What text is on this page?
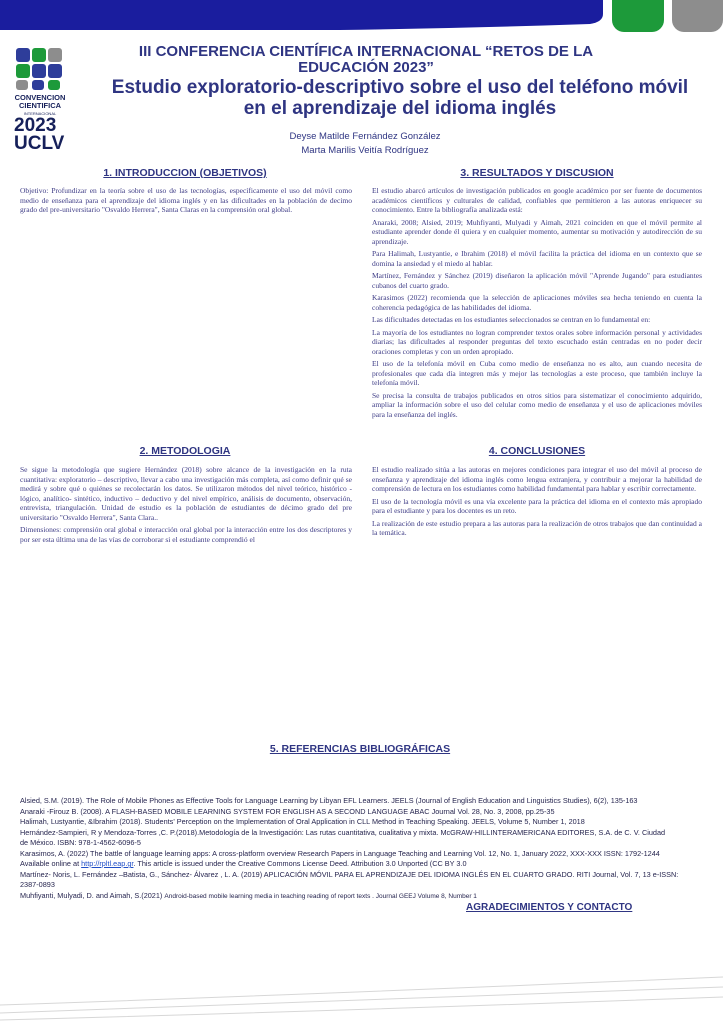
CONVENCION
CIENTIFICA
INTERNACIONAL
2023
UCLV
III CONFERENCIA CIENTÍFICA INTERNACIONAL “RETOS DE LA EDUCACIÓN 2023”
Estudio exploratorio-descriptivo sobre el uso del teléfono móvil en el aprendizaje del idioma inglés
Deyse Matilde Fernández González
Marta Marilis Veitía Rodríguez
1. INTRODUCCION (OBJETIVOS)

Objetivo: Profundizar en la teoría sobre el uso de las tecnologías, específicamente el uso del móvil como medio de enseñanza para el aprendizaje del idioma inglés y en las dificultades en la población de decimo grado del pre-universitario "Osvaldo Herrera", Santa Claras en la comprensión oral global.

3. RESULTADOS Y DISCUSION

El estudio abarcó artículos de investigación publicados en google académico por ser fuente de documentos académicos científicos y culturales de calidad, confiables que permitieron a las autoras enriquecer su conocimiento. Entre la bibliografía analizada está:

Anaraki, 2008; Alsied, 2019; Muhfiyanti, Mulyadi y Aimah, 2021 coinciden en que el móvil permite al estudiante aprender donde él quiera y en cualquier momento, aumentar su motivación y autodirección de su aprendizaje.

Para Halimah, Lustyantie, e Ibrahim (2018) el móvil facilita la práctica del idioma en un contexto que se domina la ansiedad y el miedo al hablar.

Martínez, Fernández y Sánchez (2019) diseñaron la aplicación móvil "Aprende Jugando" para estudiantes cubanos del cuarto grado.

Karasimos (2022) recomienda que la selección de aplicaciones móviles sea hecha teniendo en cuenta la coherencia pedagógica de las habilidades del idioma.

Las dificultades detectadas en los estudiantes seleccionados se centran en lo fundamental en:

La mayoría de los estudiantes no logran comprender textos orales sobre información personal y actividades diarias; las dificultades al responder preguntas del texto escuchado están centradas en no poder decir oraciones completas y con un orden apropiado.

El uso de la telefonía móvil en Cuba como medio de enseñanza no es alto, aun cuando necesita de profesionales que cada día integren más y mejor las tecnologías a este proceso, que también incluye la telefonía móvil.

Se precisa la consulta de trabajos publicados en otros sitios para sistematizar el conocimiento adquirido, ampliar la información sobre el uso del celular como medio de enseñanza y el uso de aplicaciones móviles para la enseñanza del inglés.

2. METODOLOGIA

Se sigue la metodología que sugiere Hernández (2018) sobre alcance de la investigación en la ruta cuantitativa: exploratorio – descriptivo, llevar a cabo una investigación más completa, así como definir qué se medirá y sobre qué o quiénes se recolectarán los datos. Se utilizaron métodos del nivel teórico, histórico - lógico, analítico- sintético, inductivo – deductivo y del nivel empírico, análisis de documento, observación, entrevista, triangulación. Unidad de estudio es la población de estudiantes de décimo grado del pre universitario "Osvaldo Herrera", Santa Clara..

Dimensiones: comprensión oral global e interacción oral global por la interacción entre los dos descriptores y por ser esta última una de las vías de corroborar si el estudiante comprendió el

4. CONCLUSIONES

El estudio realizado sitúa a las autoras en mejores condiciones para integrar el uso del móvil al proceso de enseñanza y aprendizaje del idioma inglés como lengua extranjera, y contribuir a mejorar la habilidad de comprensión de lectura en los estudiantes como habilidad fundamental para hablar y escribir correctamente.

El uso de la tecnología móvil es una vía excelente para la práctica del idioma en el contexto más apropiado para el estudiante y para los docentes es un reto.

La realización de este estudio prepara a las autoras para la realización de otros trabajos que dan continuidad a la temática.

5. REFERENCIAS BIBLIOGRÁFICAS
Alsied, S.M. (2019). The Role of Mobile Phones as Effective Tools for Language Learning by Libyan EFL Learners. JEELS (Journal of English Education and Linguistics Studies), 6(2), 135-163
Anaraki -Firouz B. (2008). A FLASH-BASED MOBILE LEARNING SYSTEM FOR ENGLISH AS A SECOND LANGUAGE ABAC Journal Vol. 28, No. 3, 2008, pp.25-35
Halimah, Lustyantie, &Ibrahim (2018). Students' Perception on the Implementation of Oral Application in CLL Method in Teaching Speaking. JEELS, Volume 5, Number 1, 2018
Hernández-Sampieri, R y Mendoza-Torres ,C. P.(2018).Metodología de la Investigación: Las rutas cuantitativa, cualitativa y mixta. McGRAW-HILLINTERAMERICANA EDITORES, S.A. de C. V. Ciudad
de México. ISBN: 978-1-4562-6096-5
Karasimos, A. (2022) The battle of language learning apps: A cross-platform overview Research Papers in Language Teaching and Learning Vol. 12, No. 1, January 2022, XXX-XXX ISSN: 1792-1244
Available online at http://rpltl.eap.gr. This article is issued under the Creative Commons License Deed. Attribution 3.0 Unported (CC BY 3.0
Martínez- Noris, L. Fernández –Batista, G., Sánchez- Álvarez , L. A. (2019) APLICACIÓN MÓVIL PARA EL APRENDIZAJE DEL IDIOMA INGLÉS EN EL CUARTO GRADO. RITI Journal, Vol. 7, 13 e-ISSN:
2387-0893
Muhfiyanti, Mulyadi, D. and Aimah, S.(2021) Android-based mobile learning media in teaching reading of report texts . Journal GEEJ Volume 8, Number 1
AGRADECIMIENTOS Y CONTACTO
